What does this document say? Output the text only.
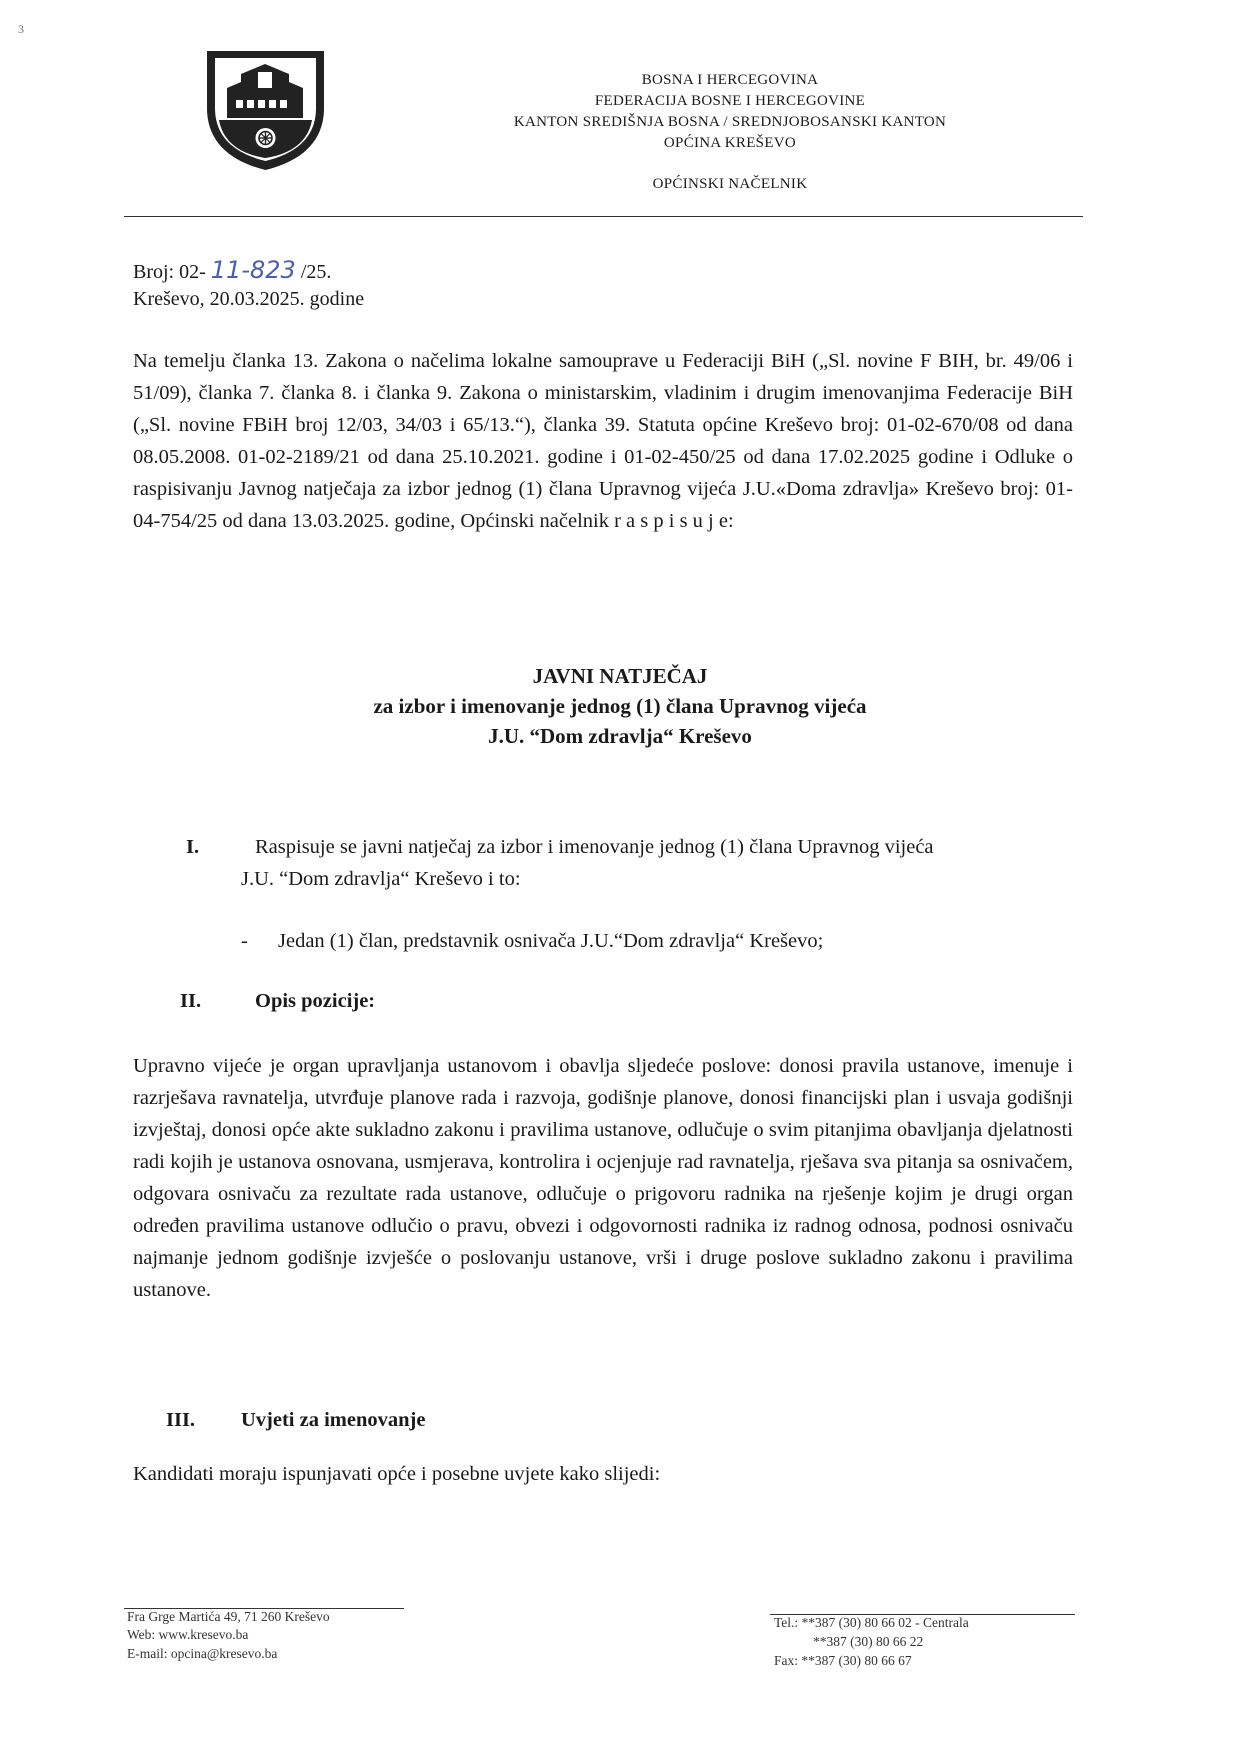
3
BOSNA I HERCEGOVINA
FEDERACIJA BOSNE I HERCEGOVINE
KANTON SREDIŠNJA BOSNA / SREDNJOBOSANSKI KANTON
OPĆINA KREŠEVO
OPĆINSKI NAČELNIK
Broj: 02- 11-823 /25.
Kreševo, 20.03.2025. godine
Na temelju članka 13. Zakona o načelima lokalne samouprave u Federaciji BiH („Sl. novine F BIH, br. 49/06 i 51/09), članka 7. članka 8. i članka 9. Zakona o ministarskim, vladinim i drugim imenovanjima Federacije BiH („Sl. novine FBiH broj 12/03, 34/03 i 65/13.“), članka 39. Statuta općine Kreševo broj: 01-02-670/08 od dana 08.05.2008. 01-02-2189/21 od dana 25.10.2021. godine i 01-02-450/25 od dana 17.02.2025 godine i Odluke o raspisivanju Javnog natječaja za izbor jednog (1) člana Upravnog vijeća J.U.«Doma zdravlja» Kreševo broj: 01-04-754/25 od dana 13.03.2025. godine, Općinski načelnik r a s p i s u j e:
JAVNI NATJEČAJ
za izbor i imenovanje jednog (1) člana Upravnog vijeća
J.U. “Dom zdravlja“ Kreševo
I.	Raspisuje se javni natječaj za izbor i imenovanje jednog (1) člana Upravnog vijeća
J.U. “Dom zdravlja“ Kreševo i to:
- Jedan (1) član, predstavnik osnivača J.U.“Dom zdravlja“ Kreševo;
II.	Opis pozicije:
Upravno vijeće je organ upravljanja ustanovom i obavlja sljedeće poslove: donosi pravila ustanove, imenuje i razrješava ravnatelja, utvrđuje planove rada i razvoja, godišnje planove, donosi financijski plan i usvaja godišnji izvještaj, donosi opće akte sukladno zakonu i pravilima ustanove, odlučuje o svim pitanjima obavljanja djelatnosti radi kojih je ustanova osnovana, usmjerava, kontrolira i ocjenjuje rad ravnatelja, rješava sva pitanja sa osnivačem, odgovara osnivaču za rezultate rada ustanove, odlučuje o prigovoru radnika na rješenje kojim je drugi organ određen pravilima ustanove odlučio o pravu, obvezi i odgovornosti radnika iz radnog odnosa, podnosi osnivaču najmanje jednom godišnje izvješće o poslovanju ustanove, vrši i druge poslove sukladno zakonu i pravilima ustanove.
III. Uvjeti za imenovanje
Kandidati moraju ispunjavati opće i posebne uvjete kako slijedi:
Fra Grge Martića 49, 71 260 Kreševo
Web: www.kresevo.ba
E-mail: opcina@kresevo.ba
Tel.: **387 (30) 80 66 02 - Centrala
**387 (30) 80 66 22
Fax: **387 (30) 80 66 67
